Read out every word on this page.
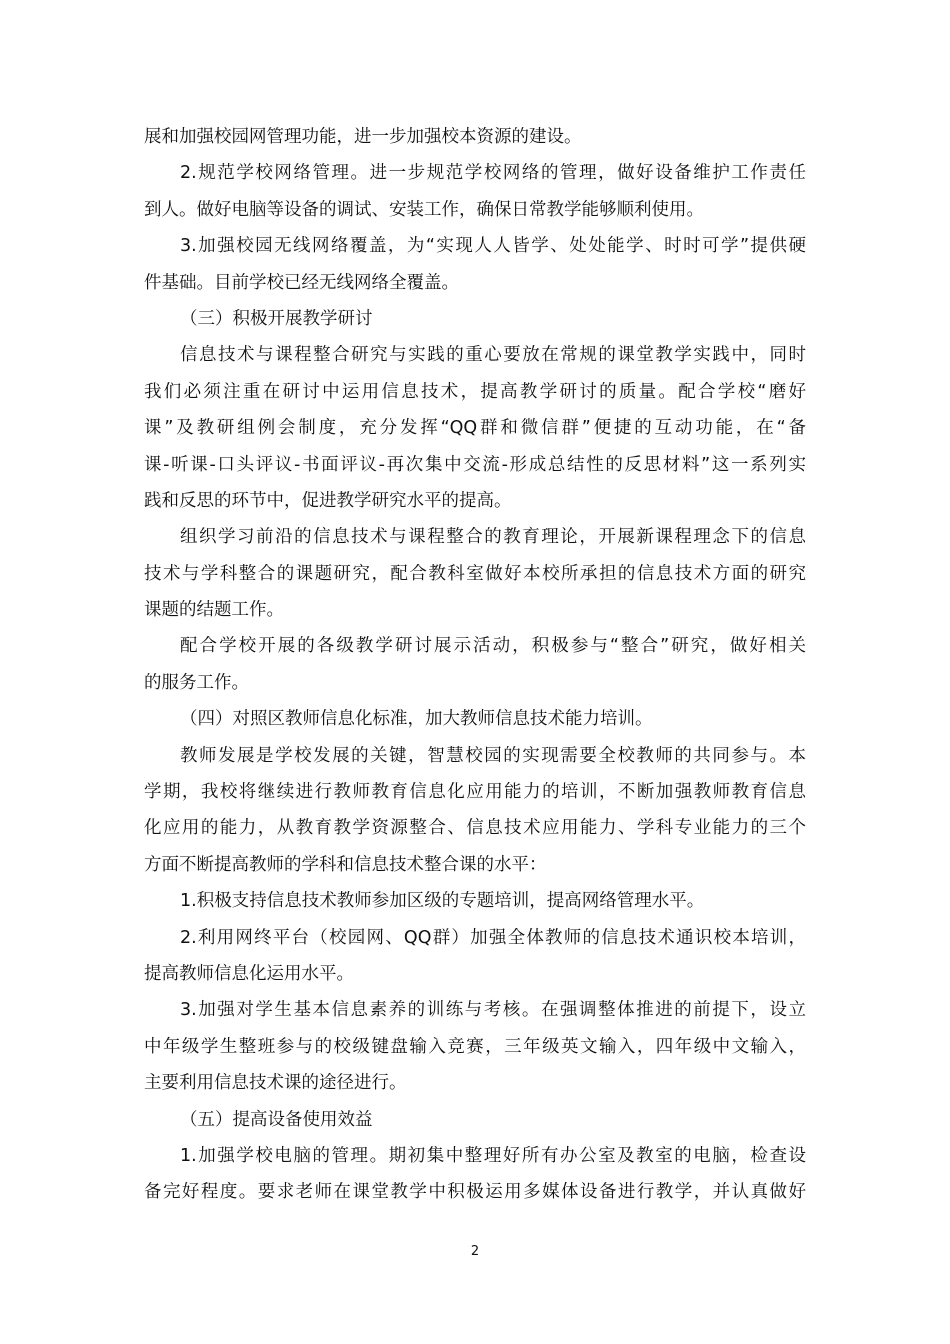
展和加强校园网管理功能，进一步加强校本资源的建设。
2.规范学校网络管理。进一步规范学校网络的管理，做好设备维护工作责任
到人。做好电脑等设备的调试、安装工作，确保日常教学能够顺利使用。
3.加强校园无线网络覆盖，为“实现人人皆学、处处能学、时时可学”提供硬
件基础。目前学校已经无线网络全覆盖。
（三）积极开展教学研讨
信息技术与课程整合研究与实践的重心要放在常规的课堂教学实践中，同时
我们必须注重在研讨中运用信息技术，提高教学研讨的质量。配合学校“磨好
课”及教研组例会制度，充分发挥“QQ群和微信群”便捷的互动功能，在“备
课-听课-口头评议-书面评议-再次集中交流-形成总结性的反思材料”这一系列实
践和反思的环节中，促进教学研究水平的提高。
组织学习前沿的信息技术与课程整合的教育理论，开展新课程理念下的信息
技术与学科整合的课题研究，配合教科室做好本校所承担的信息技术方面的研究
课题的结题工作。
配合学校开展的各级教学研讨展示活动，积极参与“整合”研究，做好相关
的服务工作。
（四）对照区教师信息化标准，加大教师信息技术能力培训。
教师发展是学校发展的关键，智慧校园的实现需要全校教师的共同参与。本
学期，我校将继续进行教师教育信息化应用能力的培训，不断加强教师教育信息
化应用的能力，从教育教学资源整合、信息技术应用能力、学科专业能力的三个
方面不断提高教师的学科和信息技术整合课的水平：
1.积极支持信息技术教师参加区级的专题培训，提高网络管理水平。
2.利用网终平台（校园网、QQ群）加强全体教师的信息技术通识校本培训，
提高教师信息化运用水平。
3.加强对学生基本信息素养的训练与考核。在强调整体推进的前提下，设立
中年级学生整班参与的校级键盘输入竞赛，三年级英文输入，四年级中文输入，
主要利用信息技术课的途径进行。
（五）提高设备使用效益
1.加强学校电脑的管理。期初集中整理好所有办公室及教室的电脑，检查设
备完好程度。要求老师在课堂教学中积极运用多媒体设备进行教学，并认真做好
2
